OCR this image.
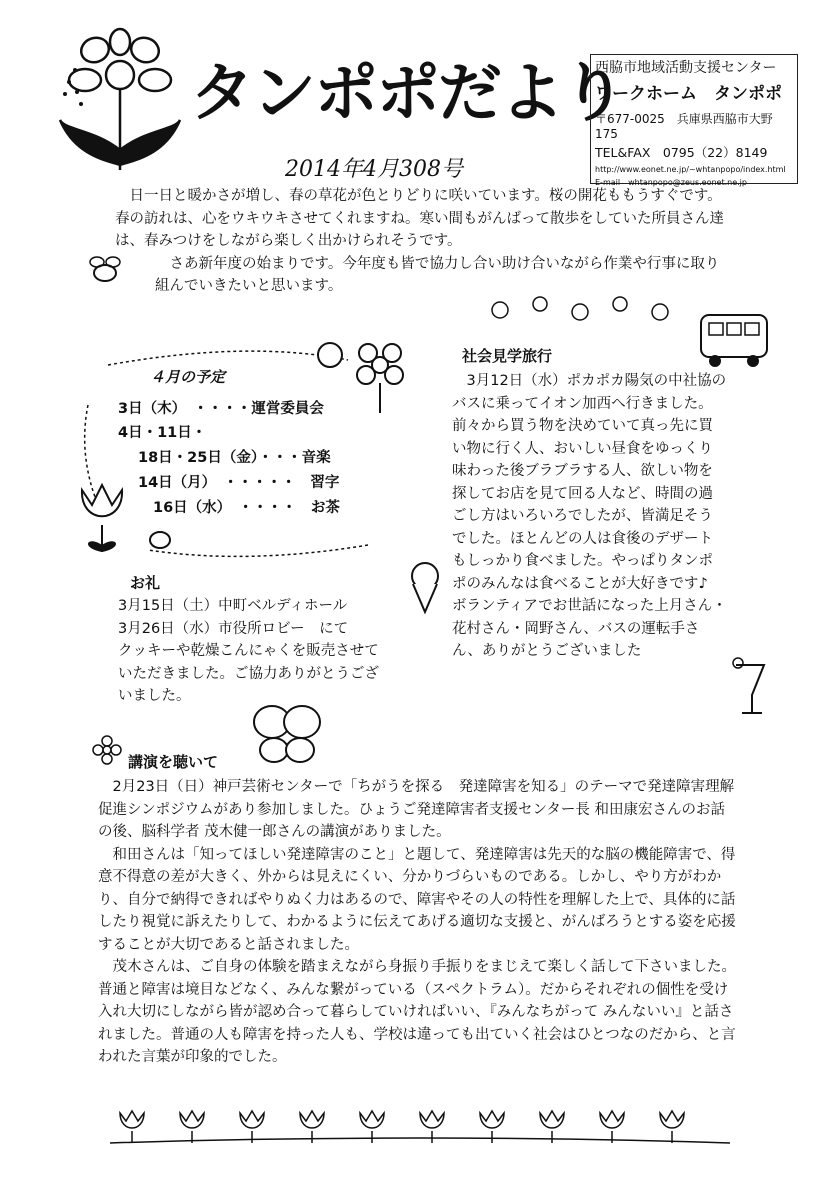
タンポポだより
2014年4月308号
西脇市地域活動支援センター
ワークホーム　タンポポ
〒677-0025　兵庫県西脇市大野175
TEL&FAX　0795（22）8149
http://www.eonet.ne.jp/~whtanpopo/index.html
E-mail　whtanpopo@zeus.eonet.ne.jp
日一日と暖かさが増し、春の草花が色とりどりに咲いています。桜の開花ももうすぐです。春の訪れは、心をウキウキさせてくれますね。寒い間もがんばって散歩をしていた所員さん達は、春みつけをしながら楽しく出かけられそうです。
さあ新年度の始まりです。今年度も皆で協力し合い助け合いながら作業や行事に取り組んでいきたいと思います。
４月の予定
3日（木）　・・・・運営委員会
4日・11日・
18日・25日（金）・・・音楽
14日（月）　・・・・・　習字
16日（水）　・・・・　お茶
お礼
3月15日（土）中町ベルディホール
3月26日（水）市役所ロビー　にて
クッキーや乾燥こんにゃくを販売させていただきました。ご協力ありがとうございました。
社会見学旅行
3月12日（水）ポカポカ陽気の中社協のバスに乗ってイオン加西へ行きました。前々から買う物を決めていて真っ先に買い物に行く人、おいしい昼食をゆっくり味わった後ブラブラする人、欲しい物を探してお店を見て回る人など、時間の過ごし方はいろいろでしたが、皆満足そうでした。ほとんどの人は食後のデザートもしっかり食べました。やっぱりタンポポのみんなは食べることが大好きです♪
ボランティアでお世話になった上月さん・花村さん・岡野さん、バスの運転手さん、ありがとうございました
講演を聴いて
2月23日（日）神戸芸術センターで「ちがうを探る　発達障害を知る」のテーマで発達障害理解促進シンポジウムがあり参加しました。ひょうご発達障害者支援センター長 和田康宏さんのお話の後、脳科学者 茂木健一郎さんの講演がありました。
和田さんは「知ってほしい発達障害のこと」と題して、発達障害は先天的な脳の機能障害で、得意不得意の差が大きく、外からは見えにくい、分かりづらいものである。しかし、やり方がわかり、自分で納得できればやりぬく力はあるので、障害やその人の特性を理解した上で、具体的に話したり視覚に訴えたりして、わかるように伝えてあげる適切な支援と、がんばろうとする姿を応援することが大切であると話されました。
茂木さんは、ご自身の体験を踏まえながら身振り手振りをまじえて楽しく話して下さいました。普通と障害は境目などなく、みんな繋がっている（スペクトラム）。だからそれぞれの個性を受け入れ大切にしながら皆が認め合って暮らしていければいい、『みんなちがって みんないい』と話されました。普通の人も障害を持った人も、学校は違っても出ていく社会はひとつなのだから、と言われた言葉が印象的でした。
